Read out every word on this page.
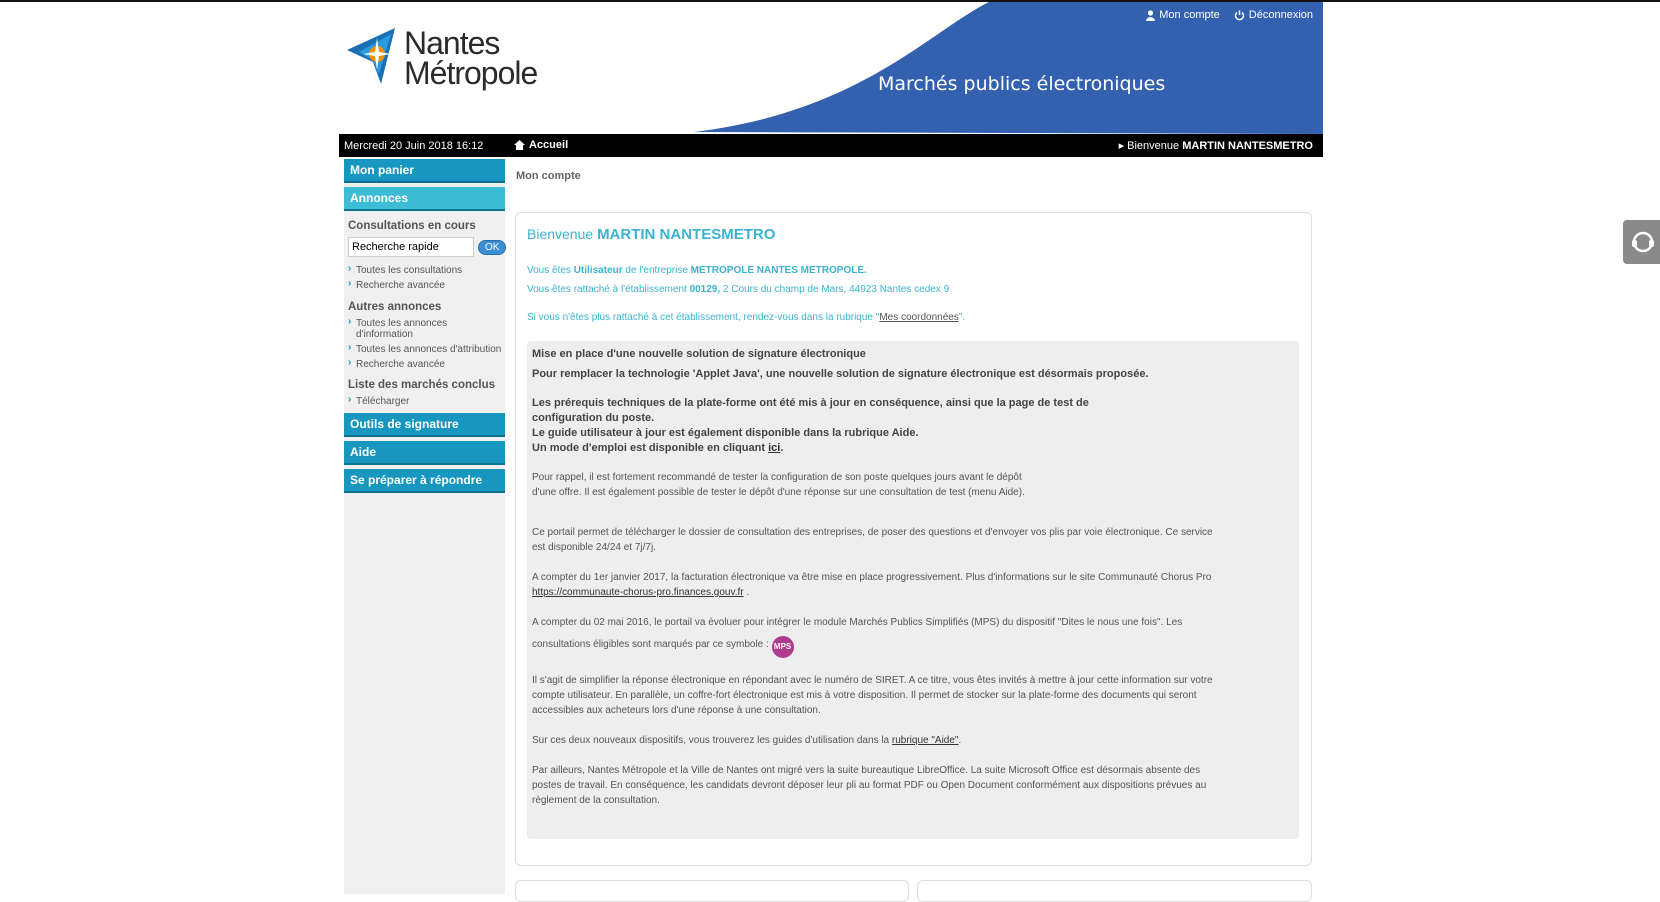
Nantes
Métropole	Marchés publics électroniques
Mon compte	Déconnexion
Mercredi 20 Juin 2018 16:12	Accueil	▸ Bienvenue MARTIN NANTESMETRO
Mon panier
Annonces
Consultations en cours
Recherche rapide
OK
› Toutes les consultations
› Recherche avancée
Autres annonces
› Toutes les annonces d'information
› Toutes les annonces d'attribution
› Recherche avancée
Liste des marchés conclus
› Télécharger
Outils de signature
Aide
Se préparer à répondre
Mon compte
Bienvenue MARTIN NANTESMETRO
Vous êtes Utilisateur de l'entreprise METROPOLE NANTES METROPOLE.
Vous êtes rattaché à l'établissement 00129, 2 Cours du champ de Mars, 44923 Nantes cedex 9
Si vous n'êtes plus rattaché à cet établissement, rendez-vous dans la rubrique "Mes coordonnées".

Mise en place d'une nouvelle solution de signature électronique

Pour remplacer la technologie 'Applet Java', une nouvelle solution de signature électronique est désormais proposée.

Les prérequis techniques de la plate-forme ont été mis à jour en conséquence, ainsi que la page de test de

configuration du poste.

Le guide utilisateur à jour est également disponible dans la rubrique Aide.

Un mode d'emploi est disponible en cliquant ici.

Pour rappel, il est fortement recommandé de tester la configuration de son poste quelques jours avant le dépôt

d'une offre. Il est également possible de tester le dépôt d'une réponse sur une consultation de test (menu Aide).

Ce portail permet de télécharger le dossier de consultation des entreprises, de poser des questions et d'envoyer vos plis par voie électronique. Ce service

est disponible 24/24 et 7j/7j.

A compter du 1er janvier 2017, la facturation électronique va être mise en place progressivement. Plus d'informations sur le site Communauté Chorus Pro

https://communaute-chorus-pro.finances.gouv.fr .

A compter du 02 mai 2016, le portail va évoluer pour intégrer le module Marchés Publics Simplifiés (MPS) du dispositif "Dites le nous une fois". Les

consultations éligibles sont marqués par ce symbole : MPS

Il s'agit de simplifier la réponse électronique en répondant avec le numéro de SIRET. A ce titre, vous êtes invités à mettre à jour cette information sur votre

compte utilisateur. En parallèle, un coffre-fort électronique est mis à votre disposition. Il permet de stocker sur la plate-forme des documents qui seront

accessibles aux acheteurs lors d'une réponse à une consultation.

Sur ces deux nouveaux dispositifs, vous trouverez les guides d'utilisation dans la rubrique "Aide".

Par ailleurs, Nantes Métropole et la Ville de Nantes ont migré vers la suite bureautique LibreOffice. La suite Microsoft Office est désormais absente des

postes de travail. En conséquence, les candidats devront déposer leur pli au format PDF ou Open Document conformément aux dispositions prévues au

règlement de la consultation.
